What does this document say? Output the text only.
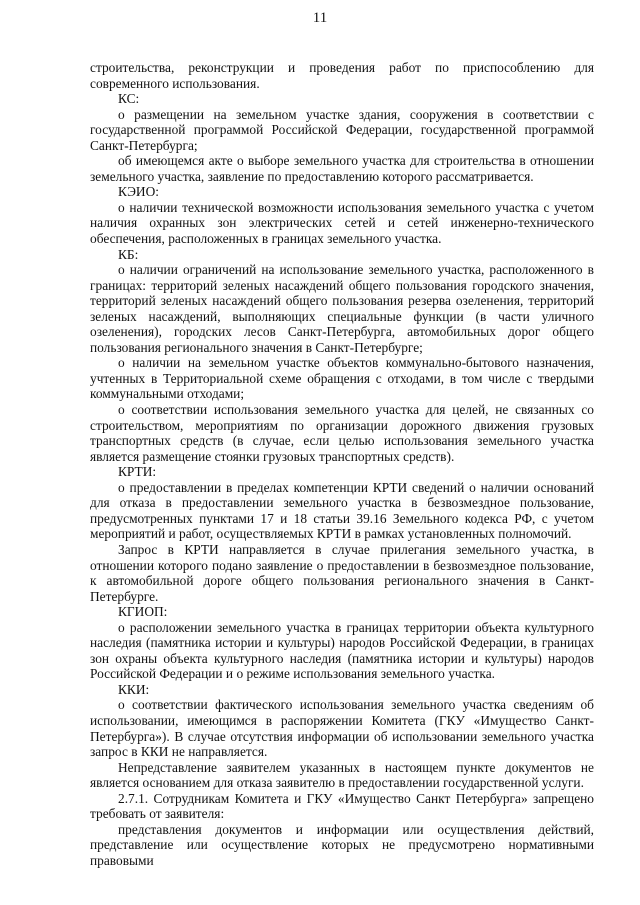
11

строительства, реконструкции и проведения работ по приспособлению для современного использования.

КС:

о размещении на земельном участке здания, сооружения в соответствии с государственной программой Российской Федерации, государственной программой Санкт-Петербурга;

об имеющемся акте о выборе земельного участка для строительства в отношении земельного участка, заявление по предоставлению которого рассматривается.

КЭИО:

о наличии технической возможности использования земельного участка с учетом наличия охранных зон электрических сетей и сетей инженерно-технического обеспечения, расположенных в границах земельного участка.

КБ:

о наличии ограничений на использование земельного участка, расположенного в границах: территорий зеленых насаждений общего пользования городского значения, территорий зеленых насаждений общего пользования резерва озеленения, территорий зеленых насаждений, выполняющих специальные функции (в части уличного озеленения), городских лесов Санкт-Петербурга, автомобильных дорог общего пользования регионального значения в Санкт-Петербурге;

о наличии на земельном участке объектов коммунально-бытового назначения, учтенных в Территориальной схеме обращения с отходами, в том числе с твердыми коммунальными отходами;

о соответствии использования земельного участка для целей, не связанных со строительством, мероприятиям по организации дорожного движения грузовых транспортных средств (в случае, если целью использования земельного участка является размещение стоянки грузовых транспортных средств).

КРТИ:

о предоставлении в пределах компетенции КРТИ сведений о наличии оснований для отказа в предоставлении земельного участка в безвозмездное пользование, предусмотренных пунктами 17 и 18 статьи 39.16 Земельного кодекса РФ, с учетом мероприятий и работ, осуществляемых КРТИ в рамках установленных полномочий.

Запрос в КРТИ направляется в случае прилегания земельного участка, в отношении которого подано заявление о предоставлении в безвозмездное пользование, к автомобильной дороге общего пользования регионального значения в Санкт-Петербурге.

КГИОП:

о расположении земельного участка в границах территории объекта культурного наследия (памятника истории и культуры) народов Российской Федерации, в границах зон охраны объекта культурного наследия (памятника истории и культуры) народов Российской Федерации и о режиме использования земельного участка.

ККИ:

о соответствии фактического использования земельного участка сведениям об использовании, имеющимся в распоряжении Комитета (ГКУ «Имущество Санкт-Петербурга»). В случае отсутствия информации об использовании земельного участка запрос в ККИ не направляется.

Непредставление заявителем указанных в настоящем пункте документов не является основанием для отказа заявителю в предоставлении государственной услуги.

2.7.1. Сотрудникам Комитета и ГКУ «Имущество Санкт Петербурга» запрещено требовать от заявителя:

представления документов и информации или осуществления действий, представление или осуществление которых не предусмотрено нормативными правовыми
